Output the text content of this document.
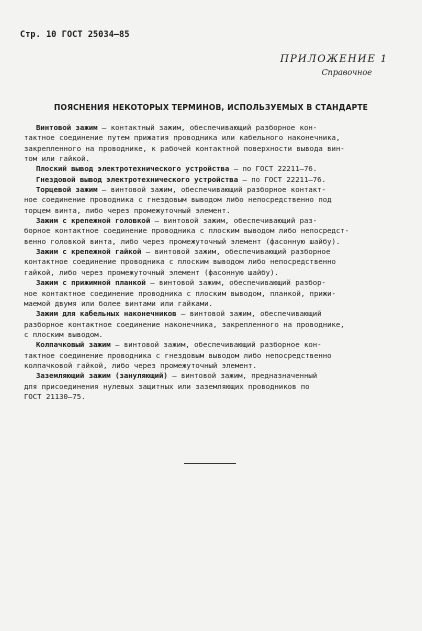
Стр. 10 ГОСТ 25034—85
ПРИЛОЖЕНИЕ 1
Справочное
ПОЯСНЕНИЯ НЕКОТОРЫХ ТЕРМИНОВ, ИСПОЛЬЗУЕМЫХ В СТАНДАРТЕ
Винтовой зажим — контактный зажим, обеспечивающий разборное кон-
тактное соединение путем прижатия проводника или кабельного наконечника,
закрепленного на проводнике, к рабочей контактной поверхности вывода вин-
том или гайкой.
Плоский вывод электротехнического устройства — по ГОСТ 22211—76.
Гнездовой вывод электротехнического устройства — по ГОСТ 22211—76.
Торцевой зажим — винтовой зажим, обеспечивающий разборное контакт-
ное соединение проводника с гнездовым выводом либо непосредственно под
торцем винта, либо через промежуточный элемент.
Зажим с крепежной головкой — винтовой зажим, обеспечивающий раз-
борное контактное соединение проводника с плоским выводом либо непосредст-
венно головкой винта, либо через промежуточный элемент (фасонную шайбу).
Зажим с крепежной гайкой — винтовой зажим, обеспечивающий разборное
контактное соединение проводника с плоским выводом либо непосредственно
гайкой, либо через промежуточный элемент (фасонную шайбу).
Зажим с прижимной планкой — винтовой зажим, обеспечивающий разбор-
ное контактное соединение проводника с плоским выводом, планкой, прижи-
маемой двумя или более винтами или гайками.
Зажим для кабельных наконечников — винтовой зажим, обеспечивающий
разборное контактное соединение наконечника, закрепленного на проводнике,
с плоским выводом.
Колпачковый зажим — винтовой зажим, обеспечивающий разборное кон-
тактное соединение проводника с гнездовым выводом либо непосредственно
колпачковой гайкой, либо через промежуточный элемент.
Заземляющий зажим (зануляющий) — винтовой зажим, предназначенный
для присоединения нулевых защитных или заземляющих проводников по
ГОСТ 21130—75.
